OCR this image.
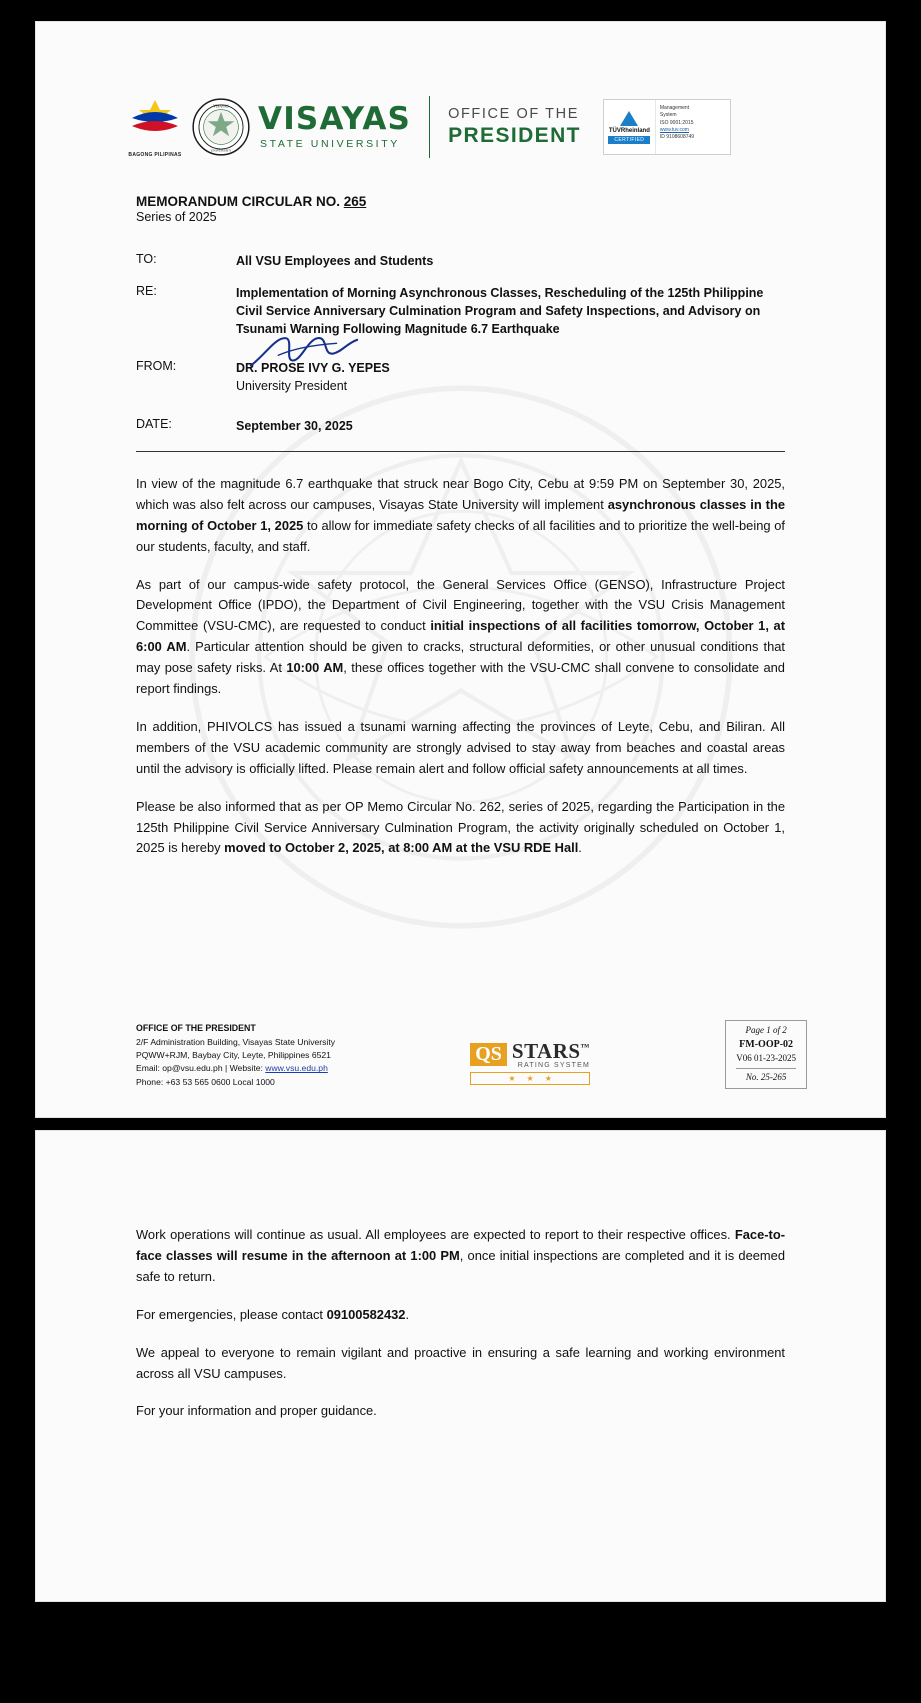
BAGONG PILIPINAS
VISAYAS
UNIVERSITY
VISAYAS
STATE UNIVERSITY
OFFICE OF THE
PRESIDENT	TÜVRheinland
CERTIFIED
Management
System
ISO 9001:2015
www.tuv.com
ID 9108608749
MEMORANDUM CIRCULAR NO. 265
Series of 2025
TO:	All VSU Employees and Students
RE:	Implementation of Morning Asynchronous Classes, Rescheduling of the 125th Philippine Civil Service Anniversary Culmination Program and Safety Inspections, and Advisory on Tsunami Warning Following Magnitude 6.7 Earthquake
FROM:	DR. PROSE IVY G. YEPES
University President
DATE:	September 30, 2025

In view of the magnitude 6.7 earthquake that struck near Bogo City, Cebu at 9:59 PM on September 30, 2025, which was also felt across our campuses, Visayas State University will implement asynchronous classes in the morning of October 1, 2025 to allow for immediate safety checks of all facilities and to prioritize the well-being of our students, faculty, and staff.

As part of our campus-wide safety protocol, the General Services Office (GENSO), Infrastructure Project Development Office (IPDO), the Department of Civil Engineering, together with the VSU Crisis Management Committee (VSU-CMC), are requested to conduct initial inspections of all facilities tomorrow, October 1, at 6:00 AM. Particular attention should be given to cracks, structural deformities, or other unusual conditions that may pose safety risks. At 10:00 AM, these offices together with the VSU-CMC shall convene to consolidate and report findings.

In addition, PHIVOLCS has issued a tsunami warning affecting the provinces of Leyte, Cebu, and Biliran. All members of the VSU academic community are strongly advised to stay away from beaches and coastal areas until the advisory is officially lifted. Please remain alert and follow official safety announcements at all times.

Please be also informed that as per OP Memo Circular No. 262, series of 2025, regarding the Participation in the 125th Philippine Civil Service Anniversary Culmination Program, the activity originally scheduled on October 1, 2025 is hereby moved to October 2, 2025, at 8:00 AM at the VSU RDE Hall.

OFFICE OF THE PRESIDENT
2/F Administration Building, Visayas State University
PQWW+RJM, Baybay City, Leyte, Philippines 6521
Email: op@vsu.edu.ph | Website: www.vsu.edu.ph
Phone: +63 53 565 0600 Local 1000
QS STARS™
RATING SYSTEM
★ ★ ★
Page 1 of 2
FM-OOP-02
V06 01-23-2025
No. 25-265

Work operations will continue as usual. All employees are expected to report to their respective offices. Face-to-face classes will resume in the afternoon at 1:00 PM, once initial inspections are completed and it is deemed safe to return.

For emergencies, please contact 09100582432.

We appeal to everyone to remain vigilant and proactive in ensuring a safe learning and working environment across all VSU campuses.

For your information and proper guidance.
